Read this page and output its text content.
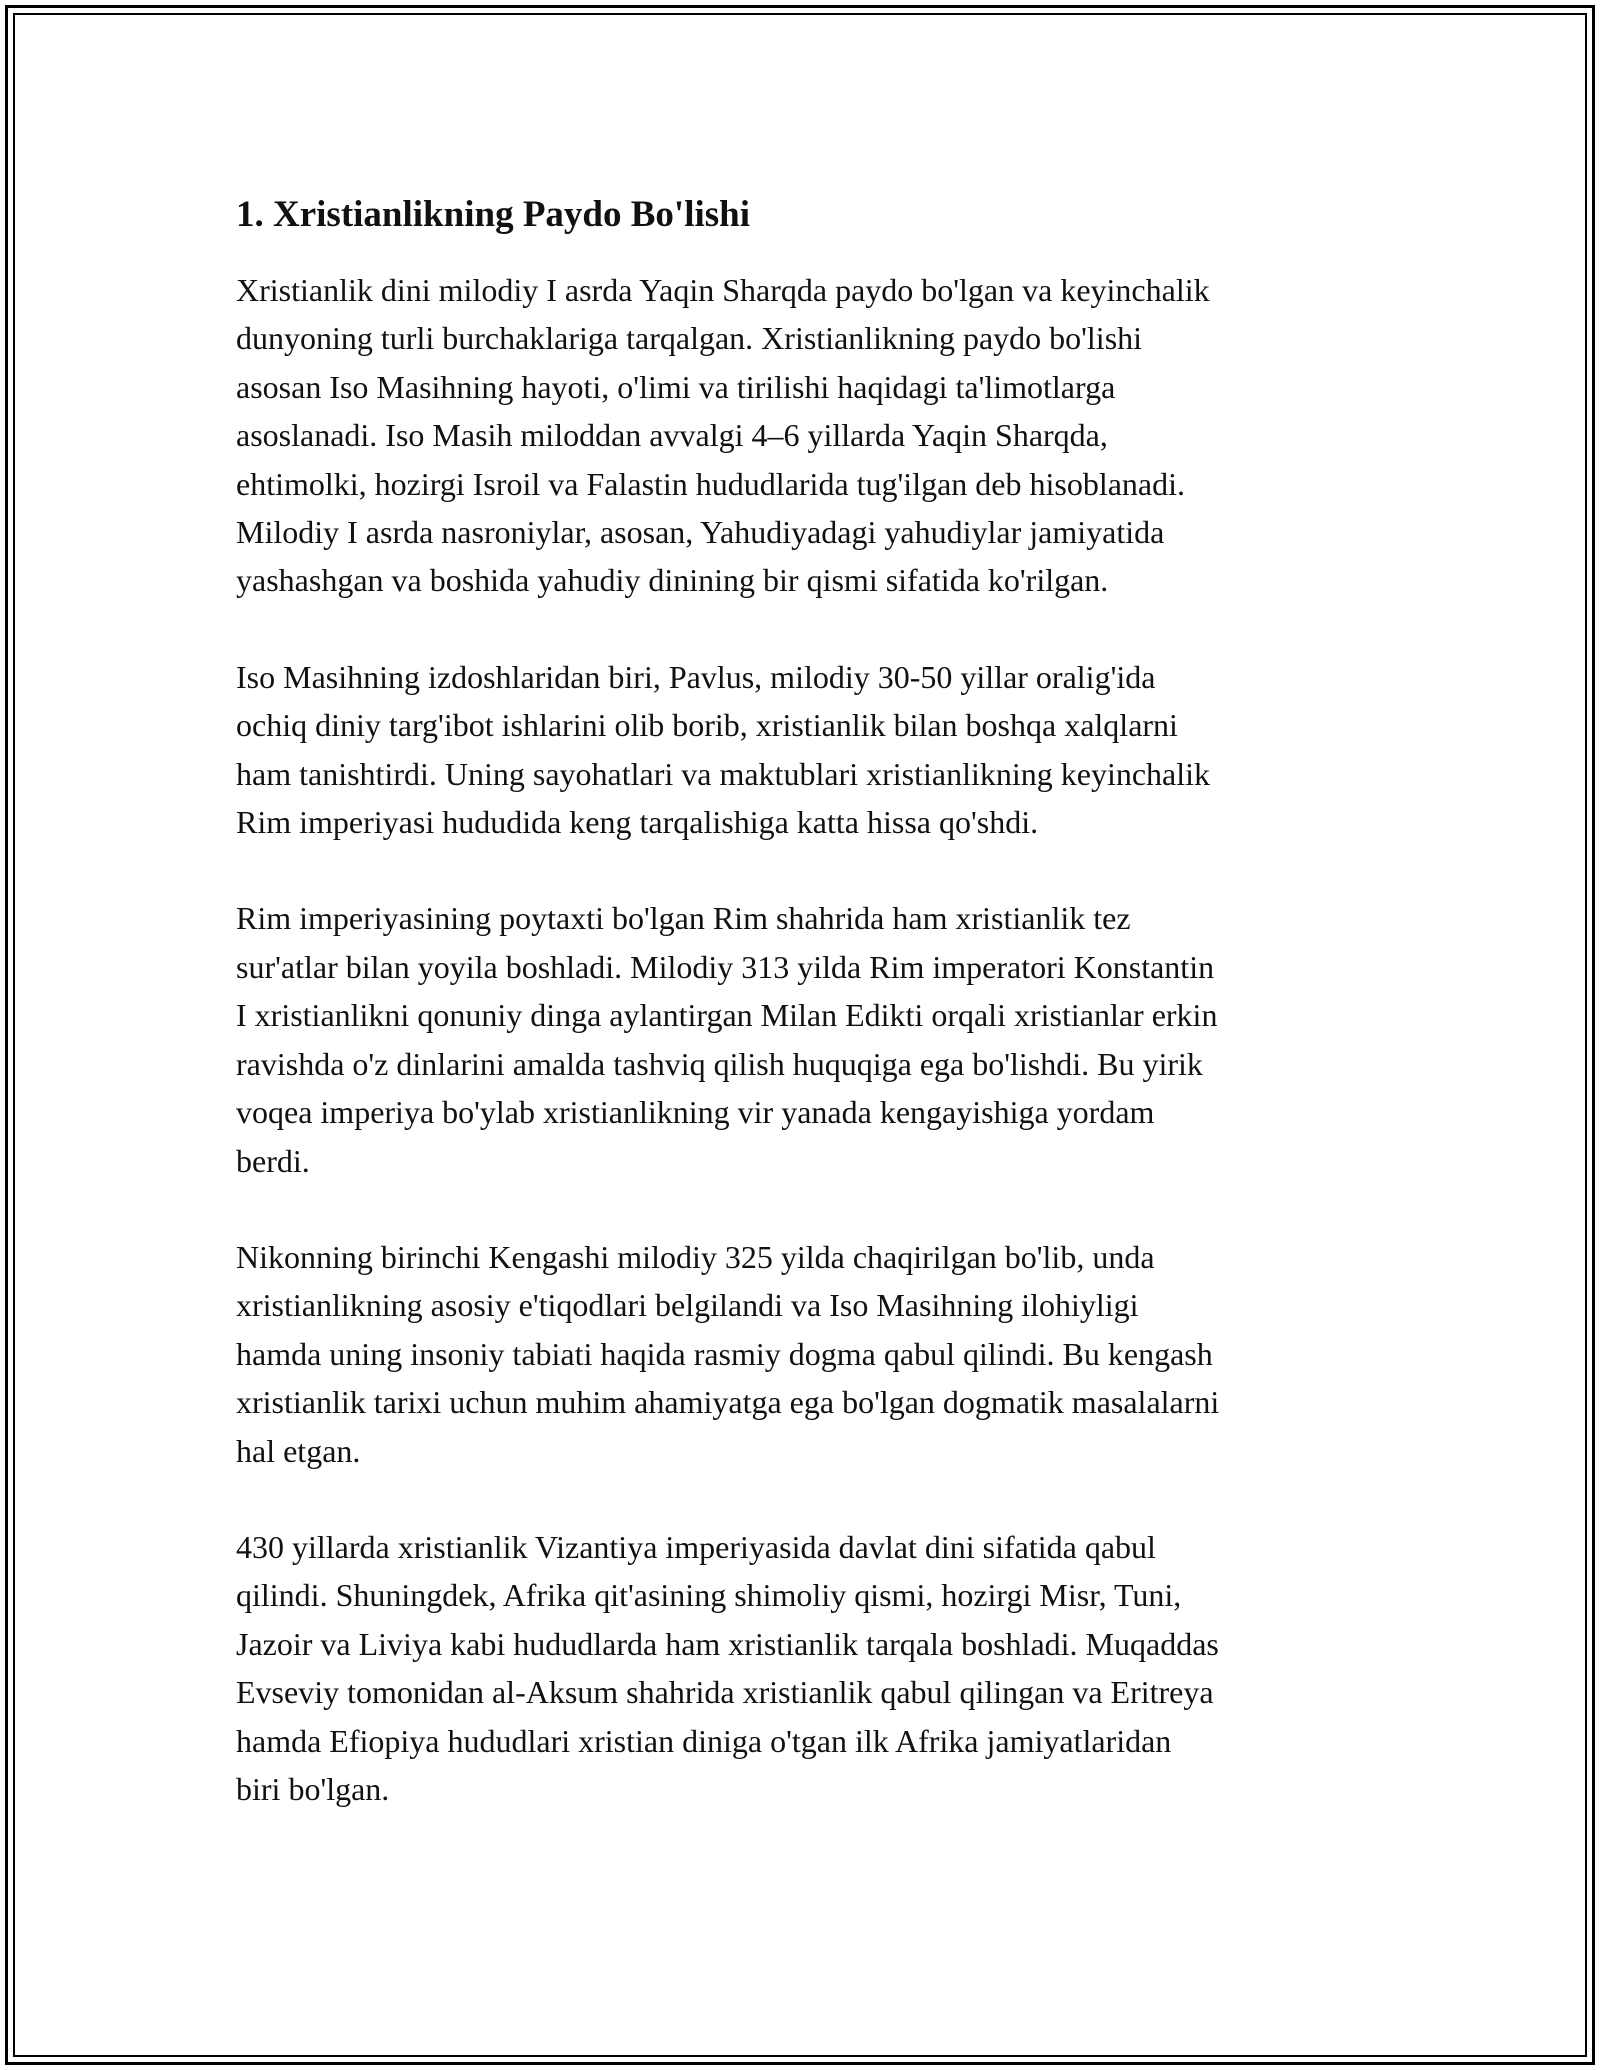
1. Xristianlikning Paydo Bo'lishi

Xristianlik dini milodiy I asrda Yaqin Sharqda paydo bo'lgan va keyinchalik
dunyoning turli burchaklariga tarqalgan. Xristianlikning paydo bo'lishi
asosan Iso Masihning hayoti, o'limi va tirilishi haqidagi ta'limotlarga
asoslanadi. Iso Masih miloddan avvalgi 4–6 yillarda Yaqin Sharqda,
ehtimolki, hozirgi Isroil va Falastin hududlarida tug'ilgan deb hisoblanadi.
Milodiy I asrda nasroniylar, asosan, Yahudiyadagi yahudiylar jamiyatida
yashashgan va boshida yahudiy dinining bir qismi sifatida ko'rilgan.

Iso Masihning izdoshlaridan biri, Pavlus, milodiy 30-50 yillar oralig'ida
ochiq diniy targ'ibot ishlarini olib borib, xristianlik bilan boshqa xalqlarni
ham tanishtirdi. Uning sayohatlari va maktublari xristianlikning keyinchalik
Rim imperiyasi hududida keng tarqalishiga katta hissa qo'shdi.

Rim imperiyasining poytaxti bo'lgan Rim shahrida ham xristianlik tez
sur'atlar bilan yoyila boshladi. Milodiy 313 yilda Rim imperatori Konstantin
I xristianlikni qonuniy dinga aylantirgan Milan Edikti orqali xristianlar erkin
ravishda o'z dinlarini amalda tashviq qilish huquqiga ega bo'lishdi. Bu yirik
voqea imperiya bo'ylab xristianlikning vir yanada kengayishiga yordam
berdi.

Nikonning birinchi Kengashi milodiy 325 yilda chaqirilgan bo'lib, unda
xristianlikning asosiy e'tiqodlari belgilandi va Iso Masihning ilohiyligi
hamda uning insoniy tabiati haqida rasmiy dogma qabul qilindi. Bu kengash
xristianlik tarixi uchun muhim ahamiyatga ega bo'lgan dogmatik masalalarni
hal etgan.

430 yillarda xristianlik Vizantiya imperiyasida davlat dini sifatida qabul
qilindi. Shuningdek, Afrika qit'asining shimoliy qismi, hozirgi Misr, Tuni,
Jazoir va Liviya kabi hududlarda ham xristianlik tarqala boshladi. Muqaddas
Evseviy tomonidan al-Aksum shahrida xristianlik qabul qilingan va Eritreya
hamda Efiopiya hududlari xristian diniga o'tgan ilk Afrika jamiyatlaridan
biri bo'lgan.
